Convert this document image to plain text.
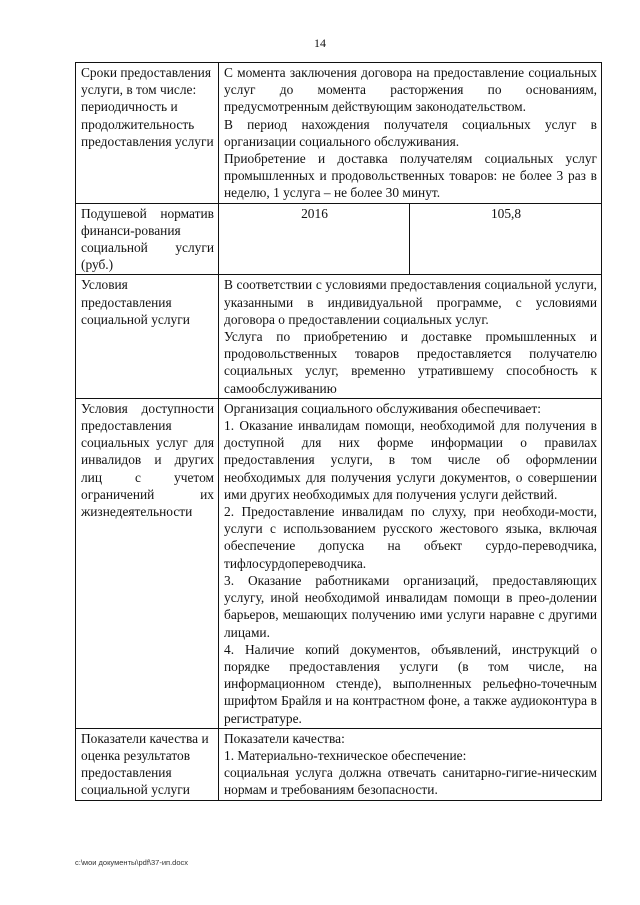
14
Сроки предоставления услуги, в том числе: периодичность и продолжительность предоставления услуги	С момента заключения договора на предоставление социальных услуг до момента расторжения по основаниям, предусмотренным действующим законодательством.

В период нахождения получателя социальных услуг в организации социального обслуживания.

Приобретение и доставка получателям социальных услуг промышленных и продовольственных товаров: не более 3 раз в неделю, 1 услуга – не более 30 минут.	

Подушевой норматив финанси-рования социальной услуги (руб.)	2016	105,8
Условия предоставления социальной услуги	В соответствии с условиями предоставления социальной услуги, указанными в индивидуальной программе, с условиями договора о предоставлении социальных услуг.

Услуга по приобретению и доставке промышленных и продовольственных товаров предоставляется получателю социальных услуг, временно утратившему способность к самообслуживанию	

Условия доступности предоставления социальных услуг для инвалидов и других лиц с учетом ограничений их жизнедеятельности	Организация социального обслуживания обеспечивает:

1. Оказание инвалидам помощи, необходимой для получения в доступной для них форме информации о правилах предоставления услуги, в том числе об оформлении необходимых для получения услуги документов, о совершении ими других необходимых для получения услуги действий.

2. Предоставление инвалидам по слуху, при необходи-мости, услуги с использованием русского жестового языка, включая обеспечение допуска на объект сурдо-переводчика, тифлосурдопереводчика.

3. Оказание работниками организаций, предоставляющих услугу, иной необходимой инвалидам помощи в прео-долении барьеров, мешающих получению ими услуги наравне с другими лицами.

4. Наличие копий документов, объявлений, инструкций о порядке предоставления услуги (в том числе, на информационном стенде), выполненных рельефно-точечным шрифтом Брайля и на контрастном фоне, а также аудиоконтура в регистратуре.	

Показатели качества и оценка результатов предоставления социальной услуги	Показатели качества:

1. Материально-техническое обеспечение:

социальная услуга должна отвечать санитарно-гигие-ническим нормам и требованиям безопасности.	

c:\мои документы\pdf\37-ип.docx
